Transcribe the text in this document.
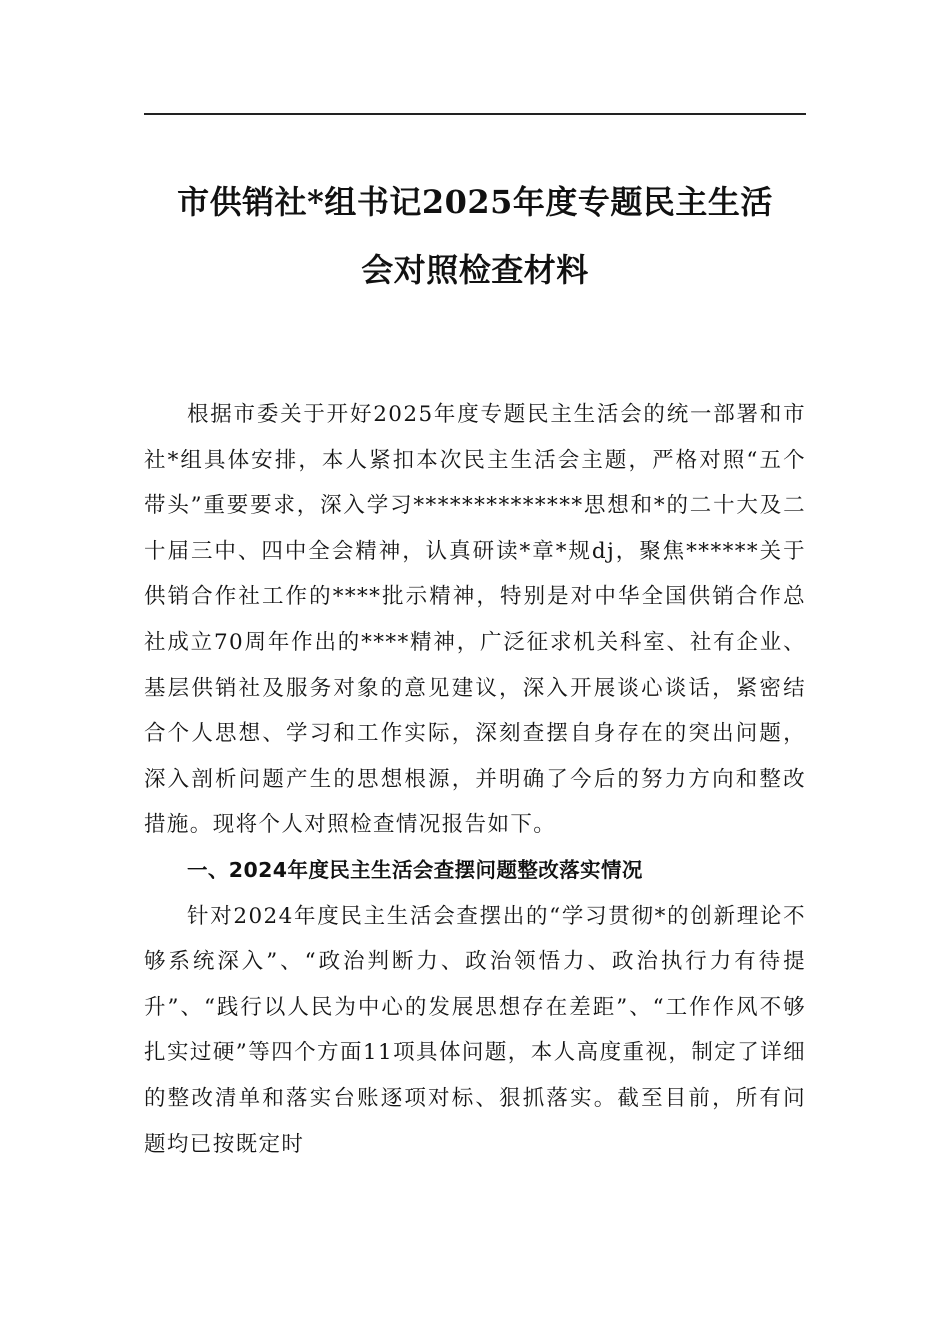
市供销社*组书记2025年度专题民主生活
会对照检查材料

根据市委关于开好2025年度专题民主生活会的统一部署和市社*组具体安排，本人紧扣本次民主生活会主题，严格对照“五个带头”重要要求，深入学习**************思想和*的二十大及二十届三中、四中全会精神，认真研读*章*规dj，聚焦******关于供销合作社工作的****批示精神，特别是对中华全国供销合作总社成立70周年作出的****精神，广泛征求机关科室、社有企业、基层供销社及服务对象的意见建议，深入开展谈心谈话，紧密结合个人思想、学习和工作实际，深刻查摆自身存在的突出问题，深入剖析问题产生的思想根源，并明确了今后的努力方向和整改措施。现将个人对照检查情况报告如下。

一、2024年度民主生活会查摆问题整改落实情况

针对2024年度民主生活会查摆出的“学习贯彻*的创新理论不够系统深入”、“政治判断力、政治领悟力、政治执行力有待提升”、“践行以人民为中心的发展思想存在差距”、“工作作风不够扎实过硬”等四个方面11项具体问题，本人高度重视，制定了详细的整改清单和落实台账逐项对标、狠抓落实。截至目前，所有问题均已按既定时
